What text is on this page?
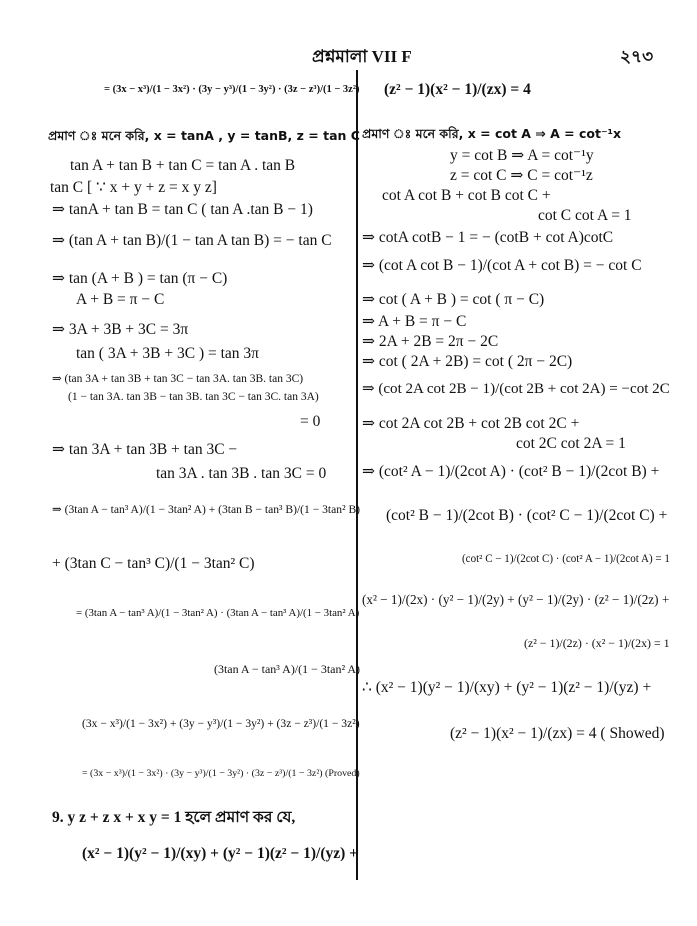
প্রশ্নমালা VII F	২৭৩
= (3x − x³)/(1 − 3x²) · (3y − y³)/(1 − 3y²) · (3z − z³)/(1 − 3z²)
প্রমাণ ঃ মনে করি, x = tanA , y = tanB, z = tan C
tan A + tan B + tan C = tan A . tan B
tan C [ ∵ x + y + z = x y z]
⇒ tanA + tan B = tan C ( tan A .tan B − 1)
⇒ (tan A + tan B)/(1 − tan A tan B) = − tan C
⇒ tan (A + B ) = tan (π − C)
A + B = π − C
⇒ 3A + 3B + 3C = 3π
tan ( 3A + 3B + 3C ) = tan 3π
⇒ (tan 3A + tan 3B + tan 3C − tan 3A. tan 3B. tan 3C)
(1 − tan 3A. tan 3B − tan 3B. tan 3C − tan 3C. tan 3A)
= 0
⇒ tan 3A + tan 3B + tan 3C −
tan 3A . tan 3B . tan 3C = 0
⇒ (3tan A − tan³ A)/(1 − 3tan² A) + (3tan B − tan³ B)/(1 − 3tan² B)
+ (3tan C − tan³ C)/(1 − 3tan² C)
= (3tan A − tan³ A)/(1 − 3tan² A) · (3tan A − tan³ A)/(1 − 3tan² A)
(3tan A − tan³ A)/(1 − 3tan² A)
(3x − x³)/(1 − 3x²) + (3y − y³)/(1 − 3y²) + (3z − z³)/(1 − 3z²)
= (3x − x³)/(1 − 3x²) · (3y − y³)/(1 − 3y²) · (3z − z³)/(1 − 3z²) (Proved)
9. y z + z x + x y = 1 হলে প্রমাণ কর যে,
(x² − 1)(y² − 1)/(xy) + (y² − 1)(z² − 1)/(yz) +
(z² − 1)(x² − 1)/(zx) = 4
প্রমাণ ঃ মনে করি, x = cot A ⇒ A = cot⁻¹x
y = cot B ⇒ A = cot⁻¹y
z = cot C ⇒ C = cot⁻¹z
cot A cot B + cot B cot C +
cot C cot A = 1
⇒ cotA cotB − 1 = − (cotB + cot A)cotC
⇒ (cot A cot B − 1)/(cot A + cot B) = − cot C
⇒ cot ( A + B ) = cot ( π − C)
⇒ A + B = π − C
⇒ 2A + 2B = 2π − 2C
⇒ cot ( 2A + 2B) = cot ( 2π − 2C)
⇒ (cot 2A cot 2B − 1)/(cot 2B + cot 2A) = −cot 2C
⇒ cot 2A cot 2B + cot 2B cot 2C +
cot 2C cot 2A = 1
⇒ (cot² A − 1)/(2cot A) · (cot² B − 1)/(2cot B) +
(cot² B − 1)/(2cot B) · (cot² C − 1)/(2cot C) +
(cot² C − 1)/(2cot C) · (cot² A − 1)/(2cot A) = 1
(x² − 1)/(2x) · (y² − 1)/(2y) + (y² − 1)/(2y) · (z² − 1)/(2z) +
(z² − 1)/(2z) · (x² − 1)/(2x) = 1
∴ (x² − 1)(y² − 1)/(xy) + (y² − 1)(z² − 1)/(yz) +
(z² − 1)(x² − 1)/(zx) = 4 ( Showed)
